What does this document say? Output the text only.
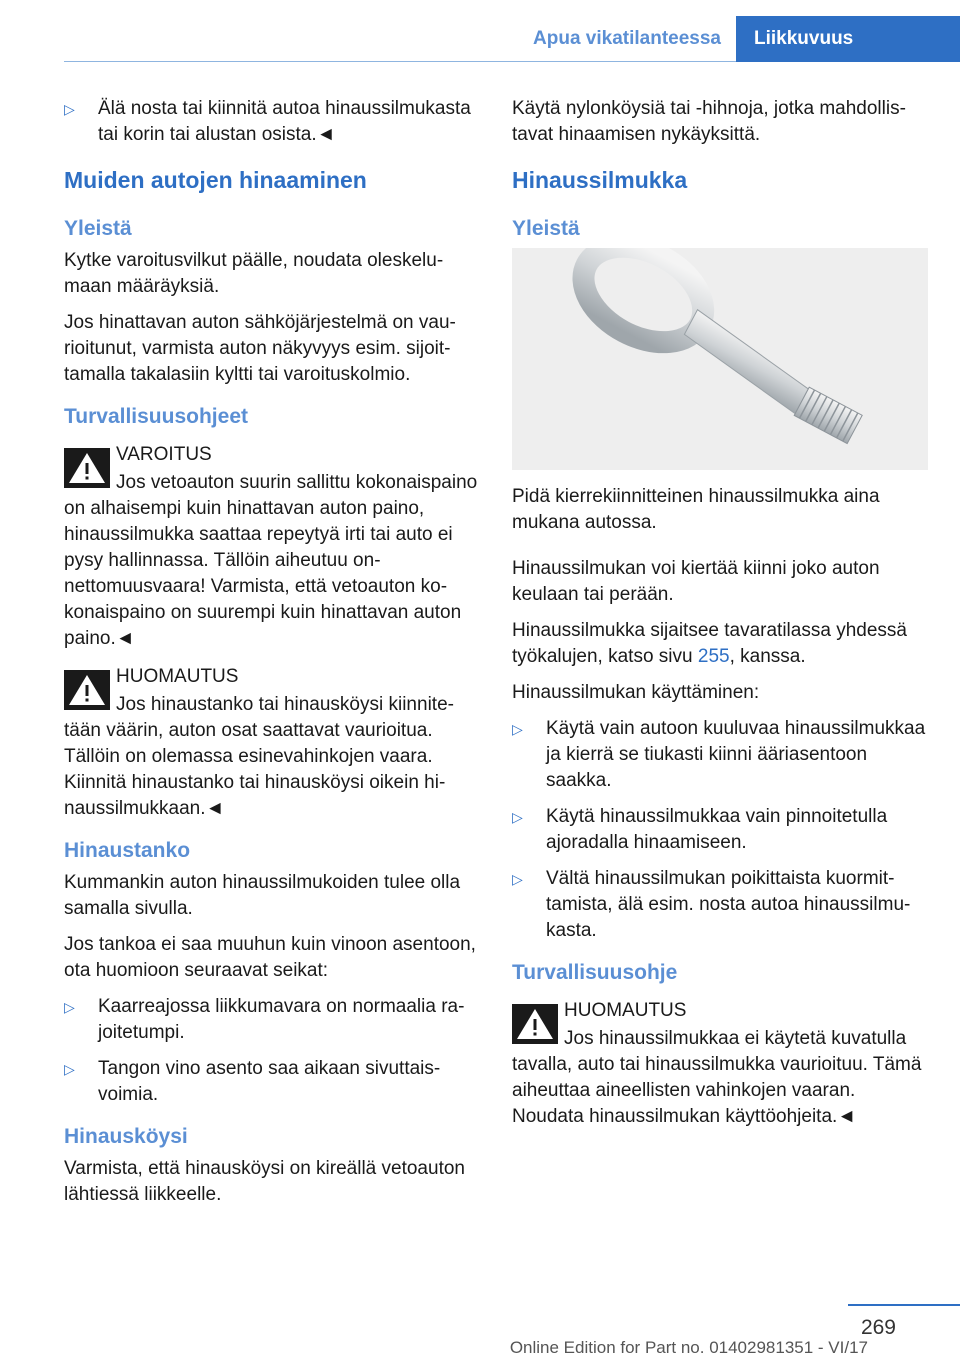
Apua vikatilanteessa	Liikkuvuus
▷ Älä nosta tai kiinnitä autoa hinaussilmukasta tai korin tai alustan osista.◄
Muiden autojen hinaaminen
Yleistä

Kytke varoitusvilkut päälle, noudata oleskelumaan määräyksiä.

Jos hinattavan auton sähköjärjestelmä on vaurioitunut, varmista auton näkyvyys esim. sijoittamalla takalasiin kyltti tai varoituskolmio.

Turvallisuusohjeet
VAROITUS
Jos vetoauton suurin sallittu kokonaispaino on alhaisempi kuin hinattavan auton paino, hinaussilmukka saattaa repeytyä irti tai auto ei pysy hallinnassa. Tällöin aiheutuu onnettomuusvaara! Varmista, että vetoauton kokonaispaino on suurempi kuin hinattavan auton paino.◄
HUOMAUTUS
Jos hinaustanko tai hinausköysi kiinnitetään väärin, auton osat saattavat vaurioitua. Tällöin on olemassa esinevahinkojen vaara. Kiinnitä hinaustanko tai hinausköysi oikein hinaussilmukkaan.◄
Hinaustanko

Kummankin auton hinaussilmukoiden tulee olla samalla sivulla.

Jos tankoa ei saa muuhun kuin vinoon asentoon, ota huomioon seuraavat seikat:

▷ Kaarreajossa liikkumavara on normaalia rajoitetumpi.
▷ Tangon vino asento saa aikaan sivuttaisvoimia.
Hinausköysi

Varmista, että hinausköysi on kireällä vetoauton lähtiessä liikkeelle.

Käytä nylonköysiä tai -hihnoja, jotka mahdollistavat hinaamisen nykäyksittä.

Hinaussilmukka
Yleistä

Pidä kierrekiinnitteinen hinaussilmukka aina mukana autossa.

Hinaussilmukan voi kiertää kiinni joko auton keulaan tai perään.

Hinaussilmukka sijaitsee tavaratilassa yhdessä työkalujen, katso sivu 255, kanssa.

Hinaussilmukan käyttäminen:

▷ Käytä vain autoon kuuluvaa hinaussilmukkaa ja kierrä se tiukasti kiinni ääriasentoon saakka.
▷ Käytä hinaussilmukkaa vain pinnoitetulla ajoradalla hinaamiseen.
▷ Vältä hinaussilmukan poikittaista kuormittamista, älä esim. nosta autoa hinaussilmukasta.
Turvallisuusohje
HUOMAUTUS
Jos hinaussilmukkaa ei käytetä kuvatulla tavalla, auto tai hinaussilmukka vaurioituu. Tämä aiheuttaa aineellisten vahinkojen vaaran. Noudata hinaussilmukan käyttöohjeita.◄
269
Online Edition for Part no. 01402981351 - VI/17
